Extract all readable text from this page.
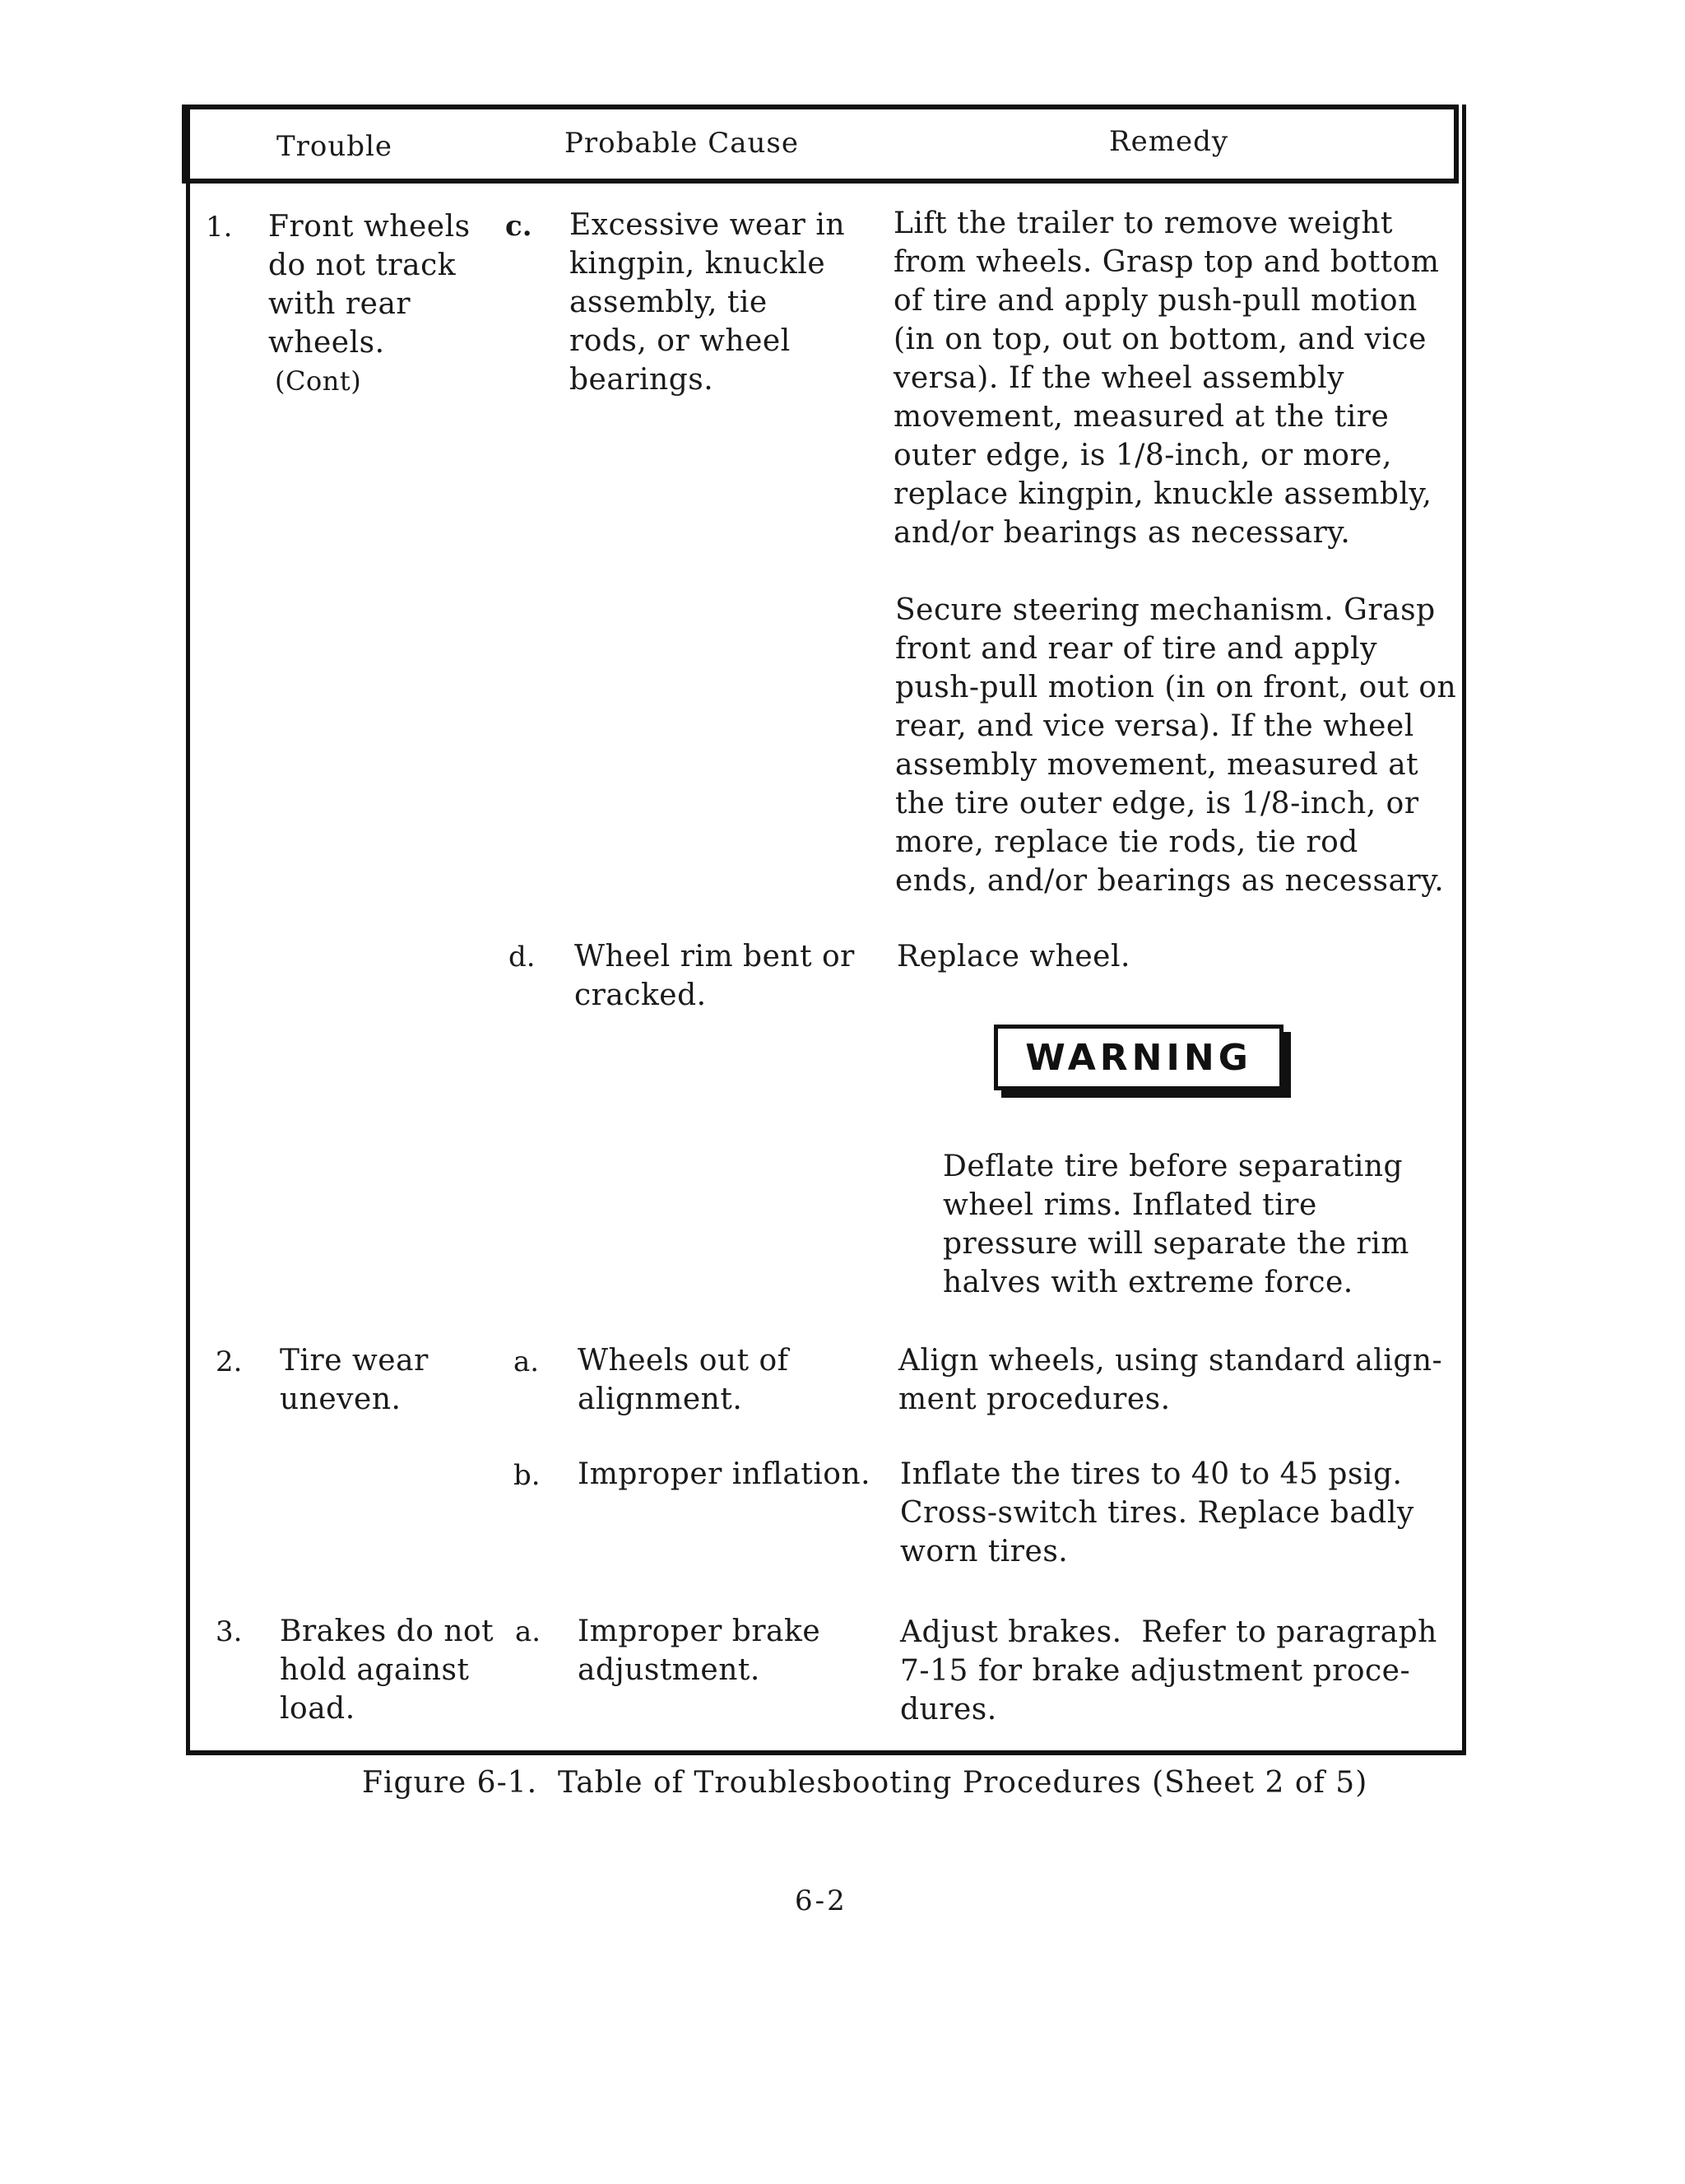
Trouble	Probable Cause	Remedy
1. Front wheels
do not track
with rear
wheels.
(Cont)
c. Excessive wear in
kingpin, knuckle
assembly, tie
rods, or wheel
bearings.
Lift the trailer to remove weight
from wheels. Grasp top and bottom
of tire and apply push-pull motion
(in on top, out on bottom, and vice
versa). If the wheel assembly
movement, measured at the tire
outer edge, is 1/8-inch, or more,
replace kingpin, knuckle assembly,
and/or bearings as necessary.
Secure steering mechanism. Grasp
front and rear of tire and apply
push-pull motion (in on front, out on
rear, and vice versa). If the wheel
assembly movement, measured at
the tire outer edge, is 1/8-inch, or
more, replace tie rods, tie rod
ends, and/or bearings as necessary.
d. Wheel rim bent or
cracked.
Replace wheel.
WARNING
Deflate tire before separating
wheel rims. Inflated tire
pressure will separate the rim
halves with extreme force.
2. Tire wear
uneven.
a. Wheels out of
alignment.
Align wheels, using standard align-
ment procedures.
b. Improper inflation. Inflate the tires to 40 to 45 psig.
Cross-switch tires. Replace badly
worn tires.
3. Brakes do not
hold against
load.
a. Improper brake
adjustment.
Adjust brakes.  Refer to paragraph
7-15 for brake adjustment proce-
dures.
Figure 6-1.  Table of Troublesbooting Procedures (Sheet 2 of 5)
6-2
